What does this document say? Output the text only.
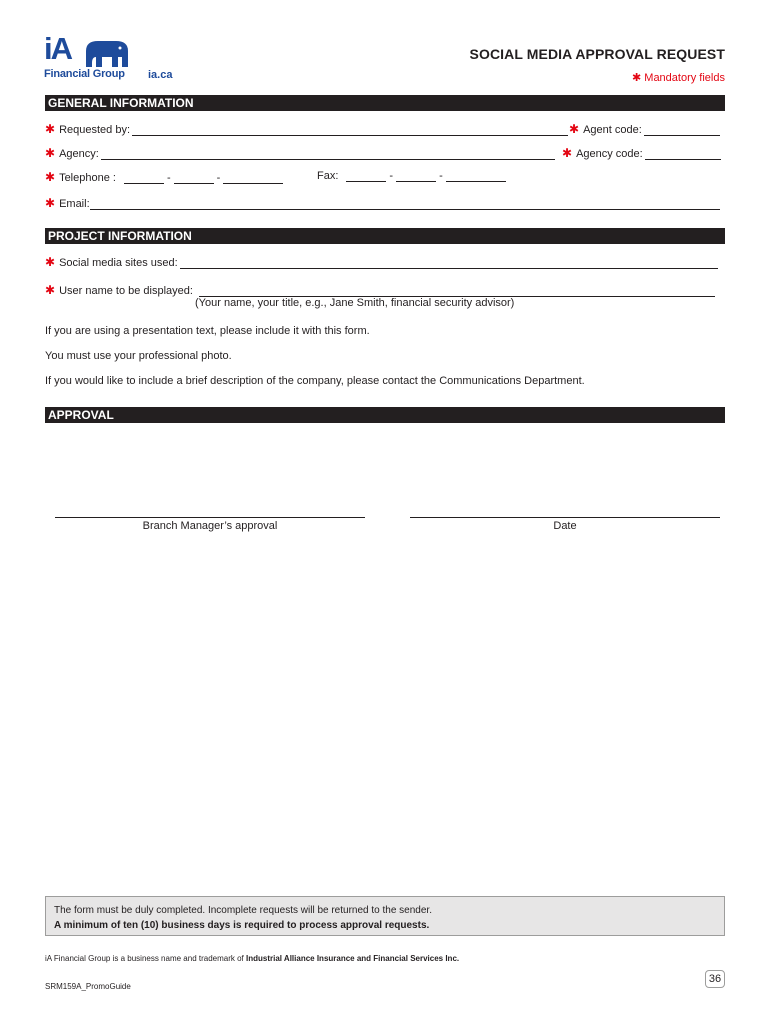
iA
Financial Group ia.ca
SOCIAL MEDIA APPROVAL REQUEST
✱ Mandatory fields
GENERAL INFORMATION
✱ Requested by:	✱ Agent code:
✱ Agency:	✱ Agency code:
✱ Telephone :	-	-	Fax:	-	-
✱ Email:
PROJECT INFORMATION
✱ Social media sites used:
✱ User name to be displayed:
(Your name, your title, e.g., Jane Smith, financial security advisor)
If you are using a presentation text, please include it with this form.
You must use your professional photo.
If you would like to include a brief description of the company, please contact the Communications Department.
APPROVAL
Branch Manager’s approval	Date
The form must be duly completed. Incomplete requests will be returned to the sender.
A minimum of ten (10) business days is required to process approval requests.
iA Financial Group is a business name and trademark of Industrial Alliance Insurance and Financial Services Inc.
SRM159A_PromoGuide
36
